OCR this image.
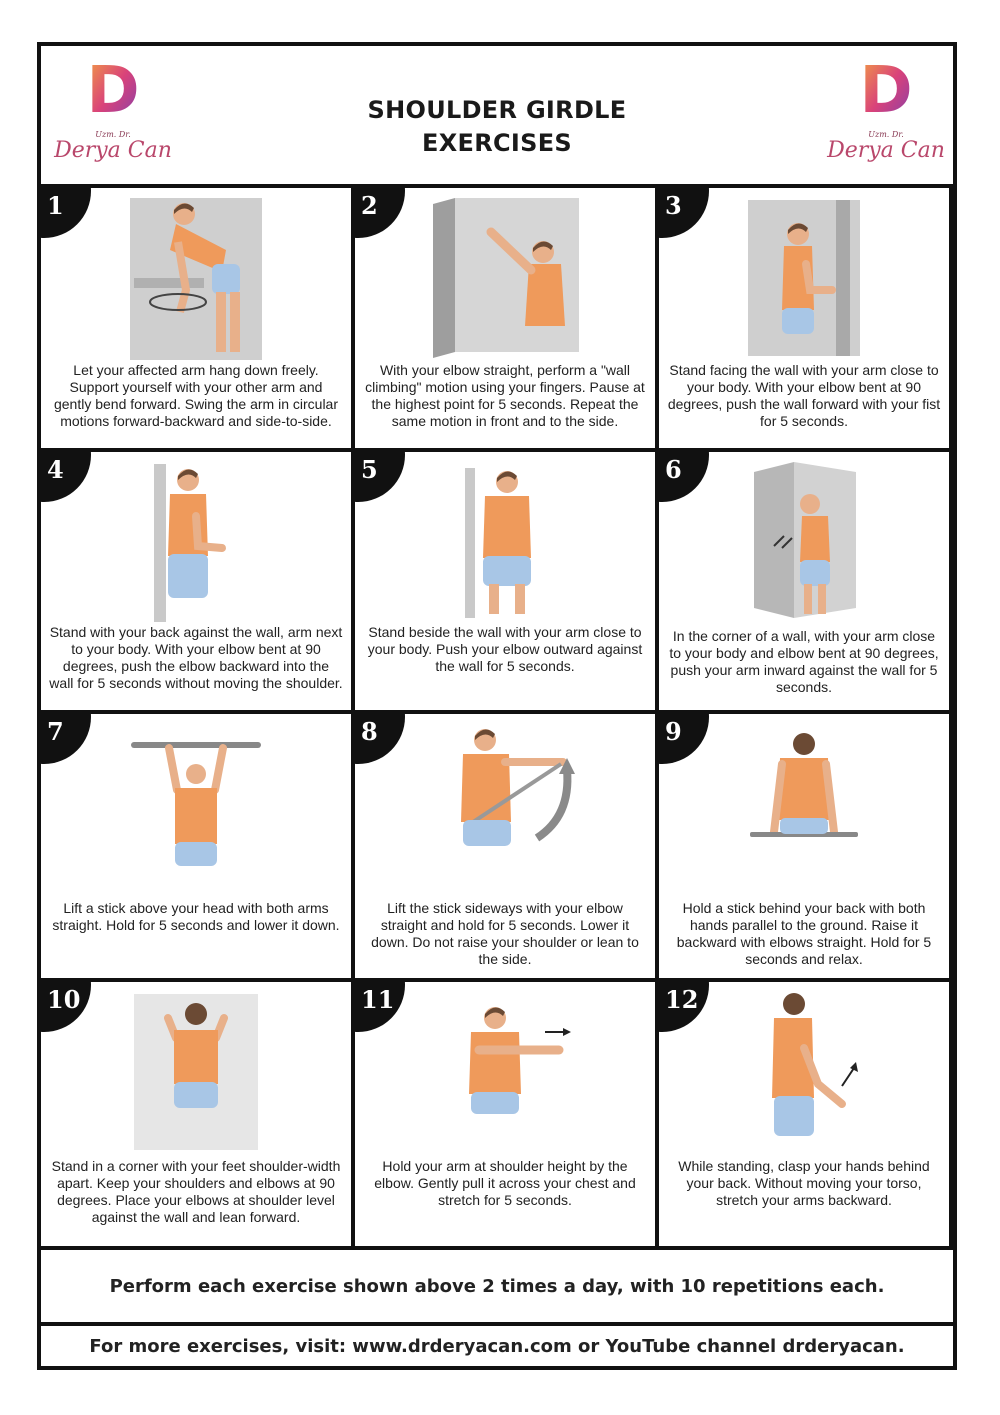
D
Uzm. Dr.
Derya Can
SHOULDER GIRDLE
EXERCISES
D
Uzm. Dr.
Derya Can
Let your affected arm hang down freely. Support yourself with your other arm and gently bend forward. Swing the arm in circular motions forward-backward and side-to-side.
1
With your elbow straight, perform a "wall climbing" motion using your fingers. Pause at the highest point for 5 seconds. Repeat the same motion in front and to the side.
2
Stand facing the wall with your arm close to your body. With your elbow bent at 90 degrees, push the wall forward with your fist for 5 seconds.
3
Stand with your back against the wall, arm next to your body. With your elbow bent at 90 degrees, push the elbow backward into the wall for 5 seconds without moving the shoulder.
4
Stand beside the wall with your arm close to your body. Push your elbow outward against the wall for 5 seconds.
5
In the corner of a wall, with your arm close to your body and elbow bent at 90 degrees, push your arm inward against the wall for 5 seconds.
6
Lift a stick above your head with both arms straight. Hold for 5 seconds and lower it down.
7
Lift the stick sideways with your elbow straight and hold for 5 seconds. Lower it down. Do not raise your shoulder or lean to the side.
8
Hold a stick behind your back with both hands parallel to the ground. Raise it backward with elbows straight. Hold for 5 seconds and relax.
9
Stand in a corner with your feet shoulder-width apart. Keep your shoulders and elbows at 90 degrees. Place your elbows at shoulder level against the wall and lean forward.
10
Hold your arm at shoulder height by the elbow. Gently pull it across your chest and stretch for 5 seconds.
11
While standing, clasp your hands behind your back. Without moving your torso, stretch your arms backward.
12
Perform each exercise shown above 2 times a day, with 10 repetitions each.
For more exercises, visit: www.drderyacan.com or YouTube channel drderyacan.
